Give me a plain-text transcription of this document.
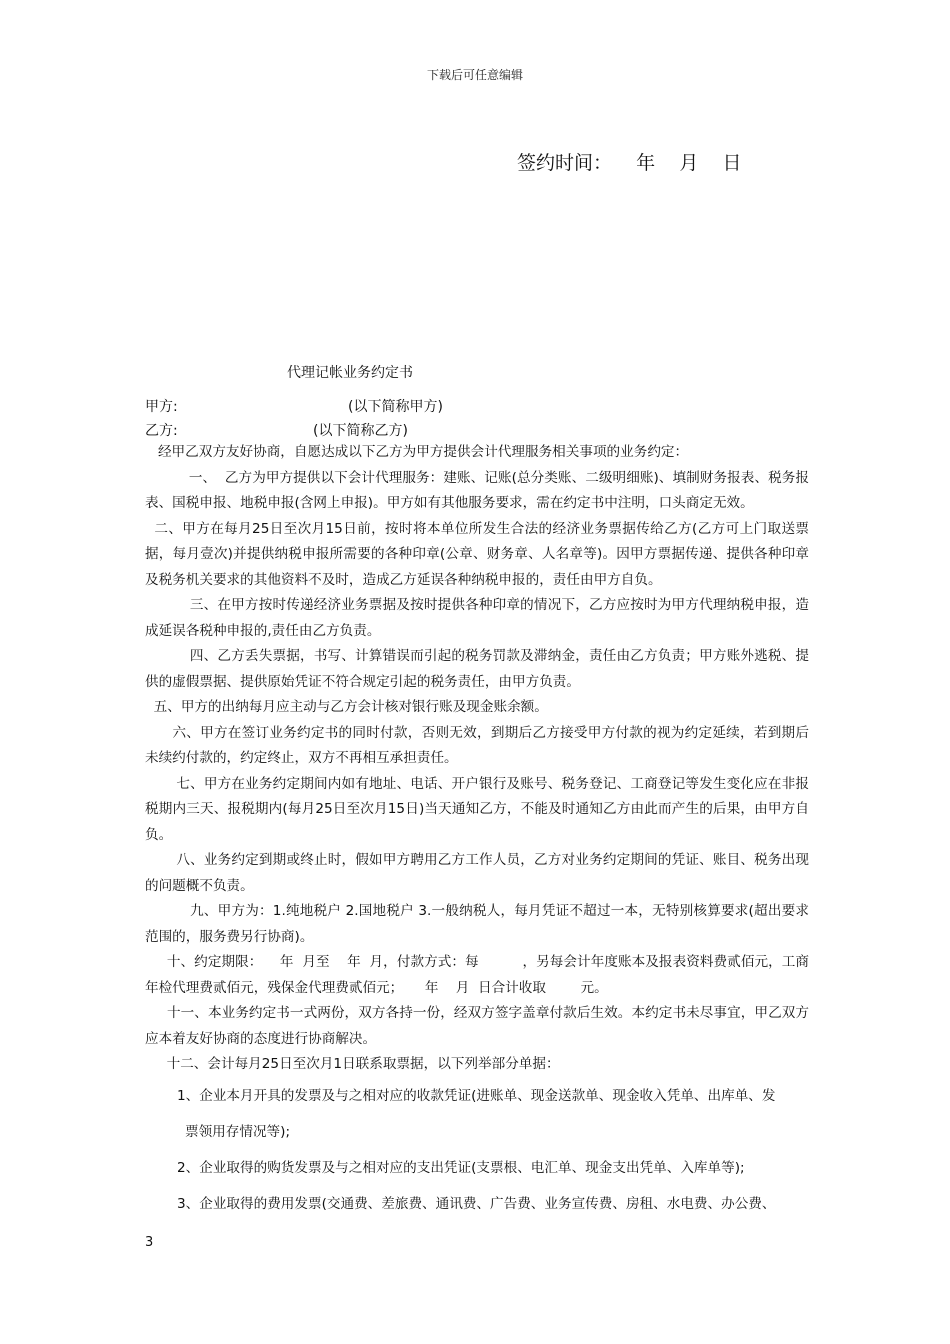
下载后可任意编辑
签约时间：    年    月    日
代理记帐业务约定书
甲方:	(以下简称甲方)
乙方:	(以下简称乙方)

经甲乙双方友好协商，自愿达成以下乙方为甲方提供会计代理服务相关事项的业务约定：

一、  乙方为甲方提供以下会计代理服务：建账、记账(总分类账、二级明细账)、填制财务报表、税务报表、国税申报、地税申报(含网上申报)。甲方如有其他服务要求，需在约定书中注明，口头商定无效。

二、甲方在每月25日至次月15日前，按时将本单位所发生合法的经济业务票据传给乙方(乙方可上门取送票据，每月壹次)并提供纳税申报所需要的各种印章(公章、财务章、人名章等)。因甲方票据传递、提供各种印章及税务机关要求的其他资料不及时，造成乙方延误各种纳税申报的，责任由甲方自负。

三、在甲方按时传递经济业务票据及按时提供各种印章的情况下，乙方应按时为甲方代理纳税申报，造成延误各税种申报的,责任由乙方负责。

四、乙方丢失票据，书写、计算错误而引起的税务罚款及滞纳金，责任由乙方负责；甲方账外逃税、提供的虚假票据、提供原始凭证不符合规定引起的税务责任，由甲方负责。

五、甲方的出纳每月应主动与乙方会计核对银行账及现金账余额。

六、甲方在签订业务约定书的同时付款，否则无效，到期后乙方接受甲方付款的视为约定延续，若到期后未续约付款的，约定终止，双方不再相互承担责任。

七、甲方在业务约定期间内如有地址、电话、开户银行及账号、税务登记、工商登记等发生变化应在非报税期内三天、报税期内(每月25日至次月15日)当天通知乙方，不能及时通知乙方由此而产生的后果，由甲方自负。

八、业务约定到期或终止时，假如甲方聘用乙方工作人员，乙方对业务约定期间的凭证、账目、税务出现的问题概不负责。

九、甲方为：1.纯地税户 2.国地税户 3.一般纳税人，每月凭证不超过一本，无特别核算要求(超出要求范围的，服务费另行协商)。

十、约定期限：    年  月至    年  月，付款方式：每          ，另每会计年度账本及报表资料费贰佰元，工商年检代理费贰佰元，残保金代理费贰佰元；     年    月  日合计收取        元。

十一、本业务约定书一式两份，双方各持一份，经双方签字盖章付款后生效。本约定书未尽事宜，甲乙双方应本着友好协商的态度进行协商解决。

十二、会计每月25日至次月1日联系取票据，以下列举部分单据：

1、企业本月开具的发票及与之相对应的收款凭证(进账单、现金送款单、现金收入凭单、出库单、发

票领用存情况等);

2、企业取得的购货发票及与之相对应的支出凭证(支票根、电汇单、现金支出凭单、入库单等);

3、企业取得的费用发票(交通费、差旅费、通讯费、广告费、业务宣传费、房租、水电费、办公费、

3
